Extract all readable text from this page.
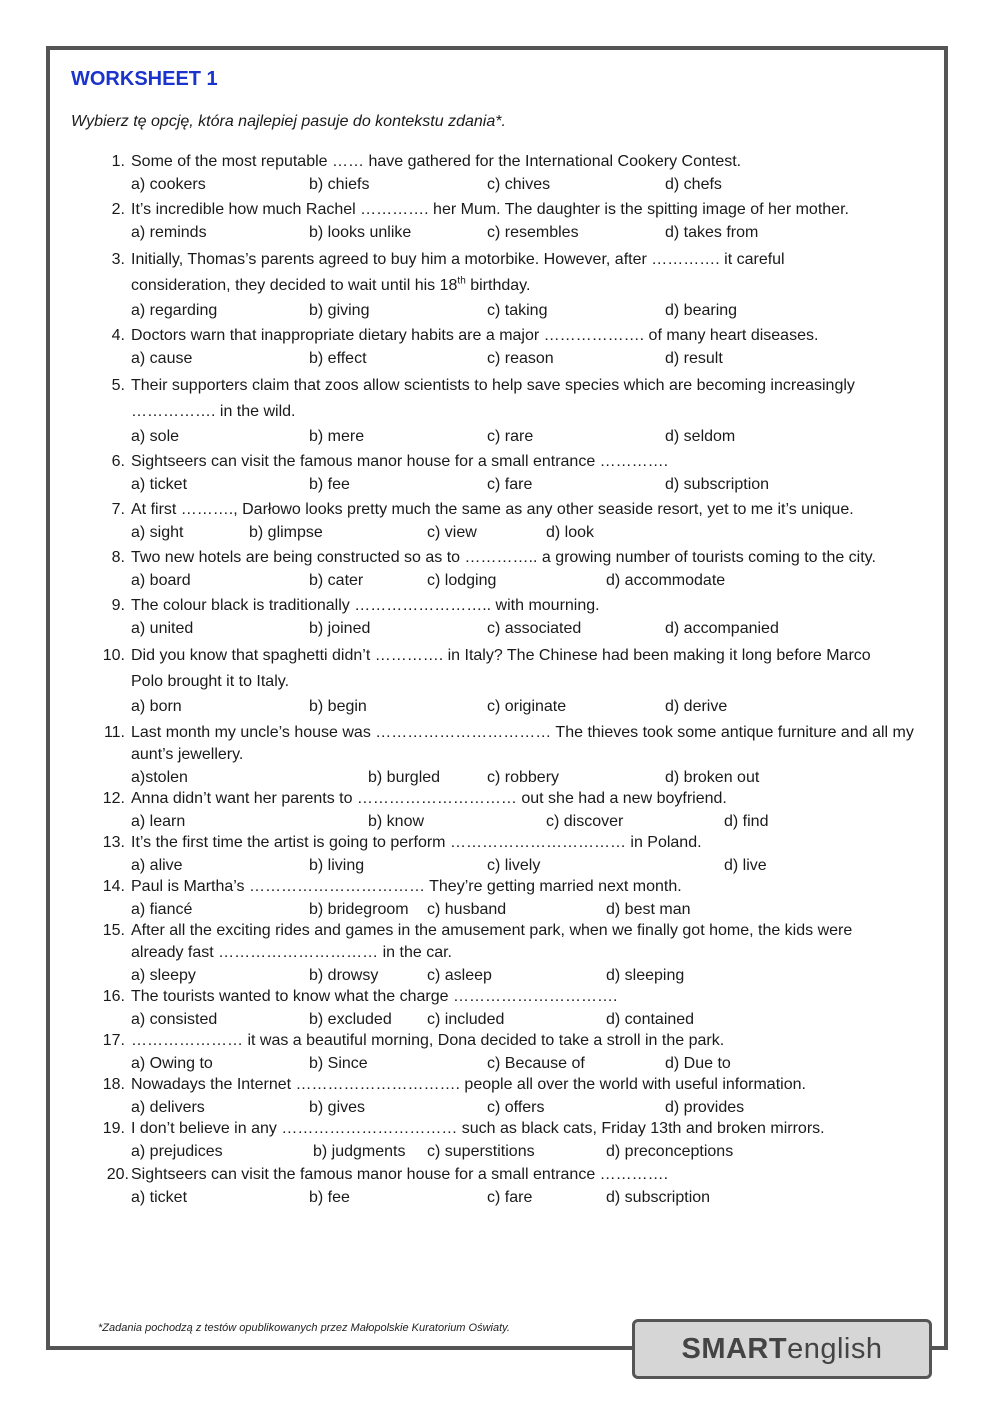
WORKSHEET 1
Wybierz tę opcję, która najlepiej pasuje do kontekstu zdania*.
1. Some of the most reputable …… have gathered for the International Cookery Contest.
a) cookers	b) chiefs	c) chives	d) chefs
2. It’s incredible how much Rachel …………. her Mum. The daughter is the spitting image of her mother.
a) reminds	b) looks unlike	c) resembles	d) takes from
3. Initially, Thomas’s parents agreed to buy him a motorbike. However, after …………. it careful
consideration, they decided to wait until his 18th birthday.
a) regarding	b) giving	c) taking	d) bearing
4. Doctors warn that inappropriate dietary habits are a major ………………. of many heart diseases.
a) cause	b) effect	c) reason	d) result
5. Their supporters claim that zoos allow scientists to help save species which are becoming increasingly
……………. in the wild.
a) sole	b) mere	c) rare	d) seldom
6. Sightseers can visit the famous manor house for a small entrance ………….
a) ticket	b) fee	c) fare	d) subscription
7. At first ………., Darłowo looks pretty much the same as any other seaside resort, yet to me it’s unique.
a) sight	b) glimpse	c) view	d) look
8. Two new hotels are being constructed so as to ………….. a growing number of tourists coming to the city.
a) board	b) cater	c) lodging	d) accommodate
9. The colour black is traditionally …………………….. with mourning.
a) united	b) joined	c) associated	d) accompanied
10. Did you know that spaghetti didn’t …………. in Italy? The Chinese had been making it long before Marco
Polo brought it to Italy.
a) born	b) begin	c) originate	d) derive
11. Last month my uncle’s house was …………………………… The thieves took some antique furniture and all my
aunt’s jewellery.
a)stolen	b) burgled	c) robbery	d) broken out
12. Anna didn’t want her parents to ………………………… out she had a new boyfriend.
a) learn	b) know	c) discover	d) find
13. It’s the first time the artist is going to perform …………………………… in Poland.
a) alive	b) living	c) lively	d) live
14. Paul is Martha’s …………………………… They’re getting married next month.
a) fiancé	b) bridegroom c) husband	d) best man
15. After all the exciting rides and games in the amusement park, when we finally got home, the kids were
already fast ………………………… in the car.
a) sleepy	b) drowsy	c) asleep	d) sleeping
16. The tourists wanted to know what the charge ………………………….
a) consisted	b) excluded c) included	d) contained
17. ………………… it was a beautiful morning, Dona decided to take a stroll in the park.
a) Owing to	b) Since	c) Because of	d) Due to
18. Nowadays the Internet …………………………. people all over the world with useful information.
a) delivers	b) gives	c) offers	d) provides
19. I don’t believe in any …………………………… such as black cats, Friday 13th and broken mirrors.
a) prejudices	b) judgments c) superstitions	d) preconceptions
20. Sightseers can visit the famous manor house for a small entrance ………….
a) ticket	b) fee	c) fare	d) subscription
*Zadania pochodzą z testów opublikowanych przez Małopolskie Kuratorium Oświaty.
SMARTenglish
